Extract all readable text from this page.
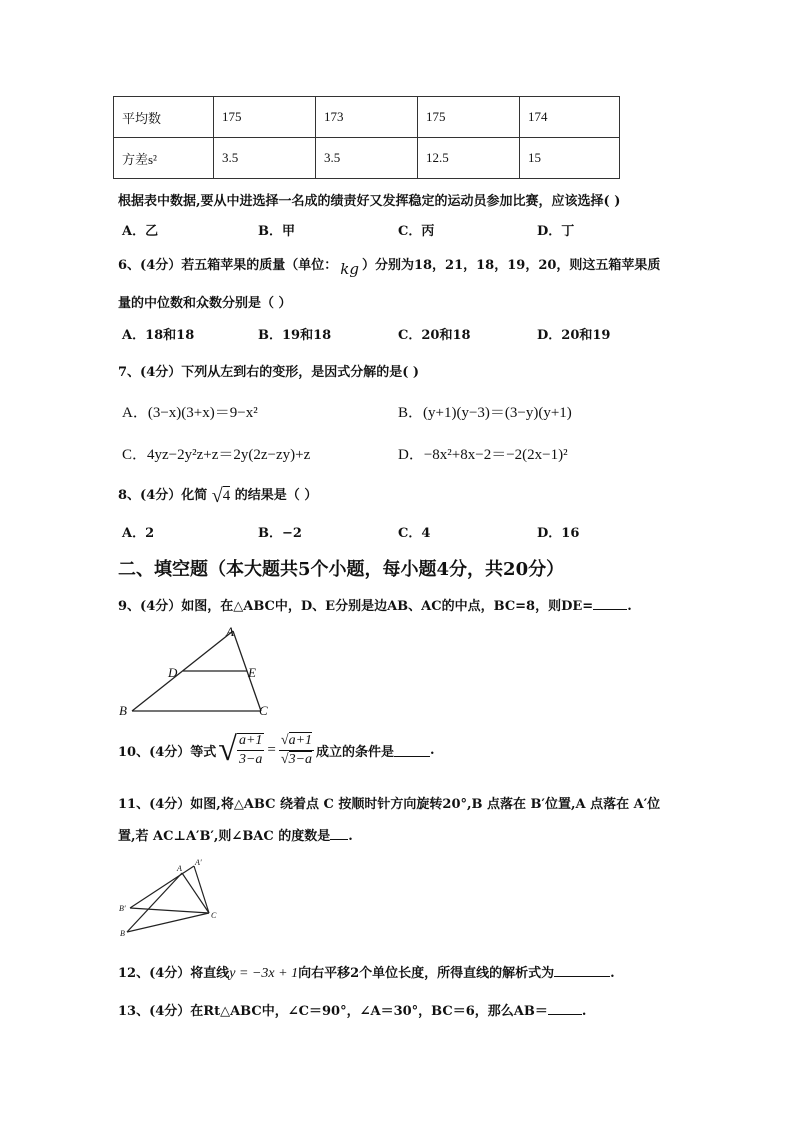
平均数	175	173	175	174
方差s²	3.5	3.5	12.5	15
根据表中数据,要从中进选择一名成的绩责好又发挥稳定的运动员参加比赛，应该选择( )
A．乙	B．甲	C．丙	D．丁
6、(4分）若五箱苹果的质量（单位： kg ）分别为18，21，18，19，20，则这五箱苹果质
量的中位数和众数分别是（ ）
A．18和18	B．19和18	C．20和18	D．20和19
7、(4分）下列从左到右的变形，是因式分解的是( )
A．(3−x)(3+x)＝9−x²	B．(y+1)(y−3)＝(3−y)(y+1)
C．4yz−2y²z+z＝2y(2z−zy)+z	D．−8x²+8x−2＝−2(2x−1)²
8、(4分）化简 √ 4 的结果是（ ）
A．2	B．−2	C．4	D．16
二、填空题（本大题共5个小题，每小题4分，共20分）
9、(4分）如图，在△ABC中，D、E分别是边AB、AC的中点，BC=8，则DE=	.
A
B	C
D	E
10、(4分）等式 √ $\frac{a+1}{3-a} = \frac{√a+1}{√3-a}$ 成立的条件是	.
11、(4分）如图,将△ABC 绕着点 C 按顺时针方向旋转20°,B 点落在 B′位置,A 点落在 A′位
置,若 AC⊥A′B′,则∠BAC 的度数是 .
A
A′
B′
B
C
12、(4分）将直线y = −3x + 1向右平移2个单位长度，所得直线的解析式为	.
13、(4分）在Rt△ABC中，∠C＝90°，∠A＝30°，BC＝6，那么AB＝	.
